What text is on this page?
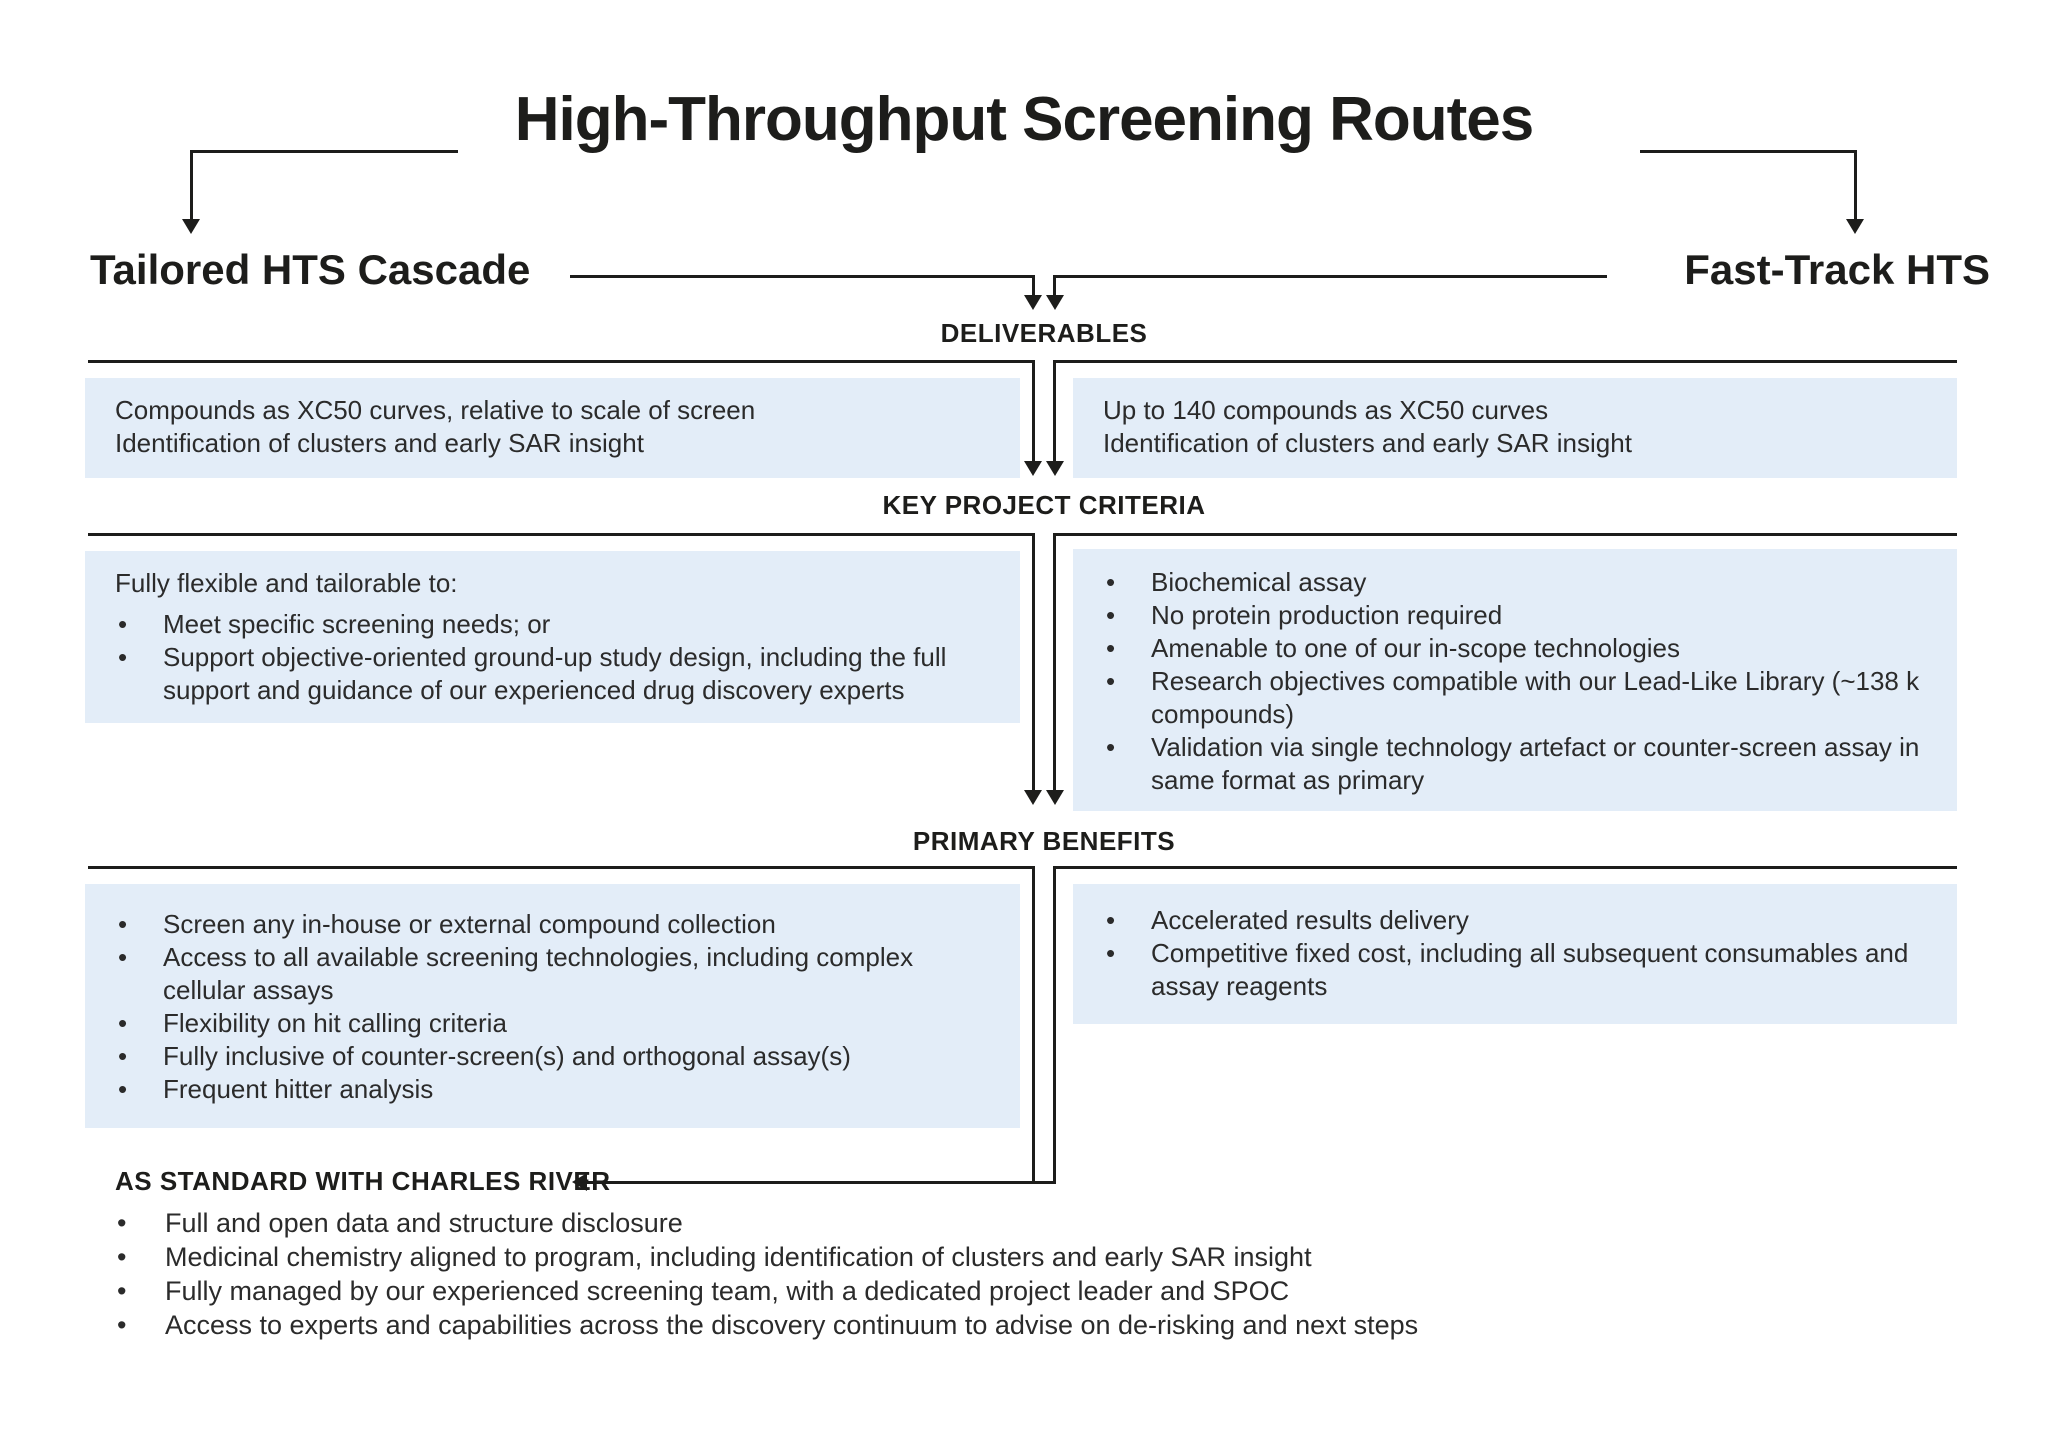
High-Throughput Screening Routes
Tailored HTS Cascade	Fast-Track HTS
DELIVERABLES

Compounds as XC50 curves, relative to scale of screen

Identification of clusters and early SAR insight

Up to 140 compounds as XC50 curves

Identification of clusters and early SAR insight

KEY PROJECT CRITERIA

Fully flexible and tailorable to:

• Meet specific screening needs; or
• Support objective-oriented ground-up study design, including the full support and guidance of our experienced drug discovery experts
• Biochemical assay
• No protein production required
• Amenable to one of our in-scope technologies
• Research objectives compatible with our Lead-Like Library (~138 k compounds)
• Validation via single technology artefact or counter-screen assay in same format as primary
PRIMARY BENEFITS
• Screen any in-house or external compound collection
• Access to all available screening technologies, including complex cellular assays
• Flexibility on hit calling criteria
• Fully inclusive of counter-screen(s) and orthogonal assay(s)
• Frequent hitter analysis
• Accelerated results delivery
• Competitive fixed cost, including all subsequent consumables and assay reagents
AS STANDARD WITH CHARLES RIVER
• Full and open data and structure disclosure
• Medicinal chemistry aligned to program, including identification of clusters and early SAR insight
• Fully managed by our experienced screening team, with a dedicated project leader and SPOC
• Access to experts and capabilities across the discovery continuum to advise on de-risking and next steps
